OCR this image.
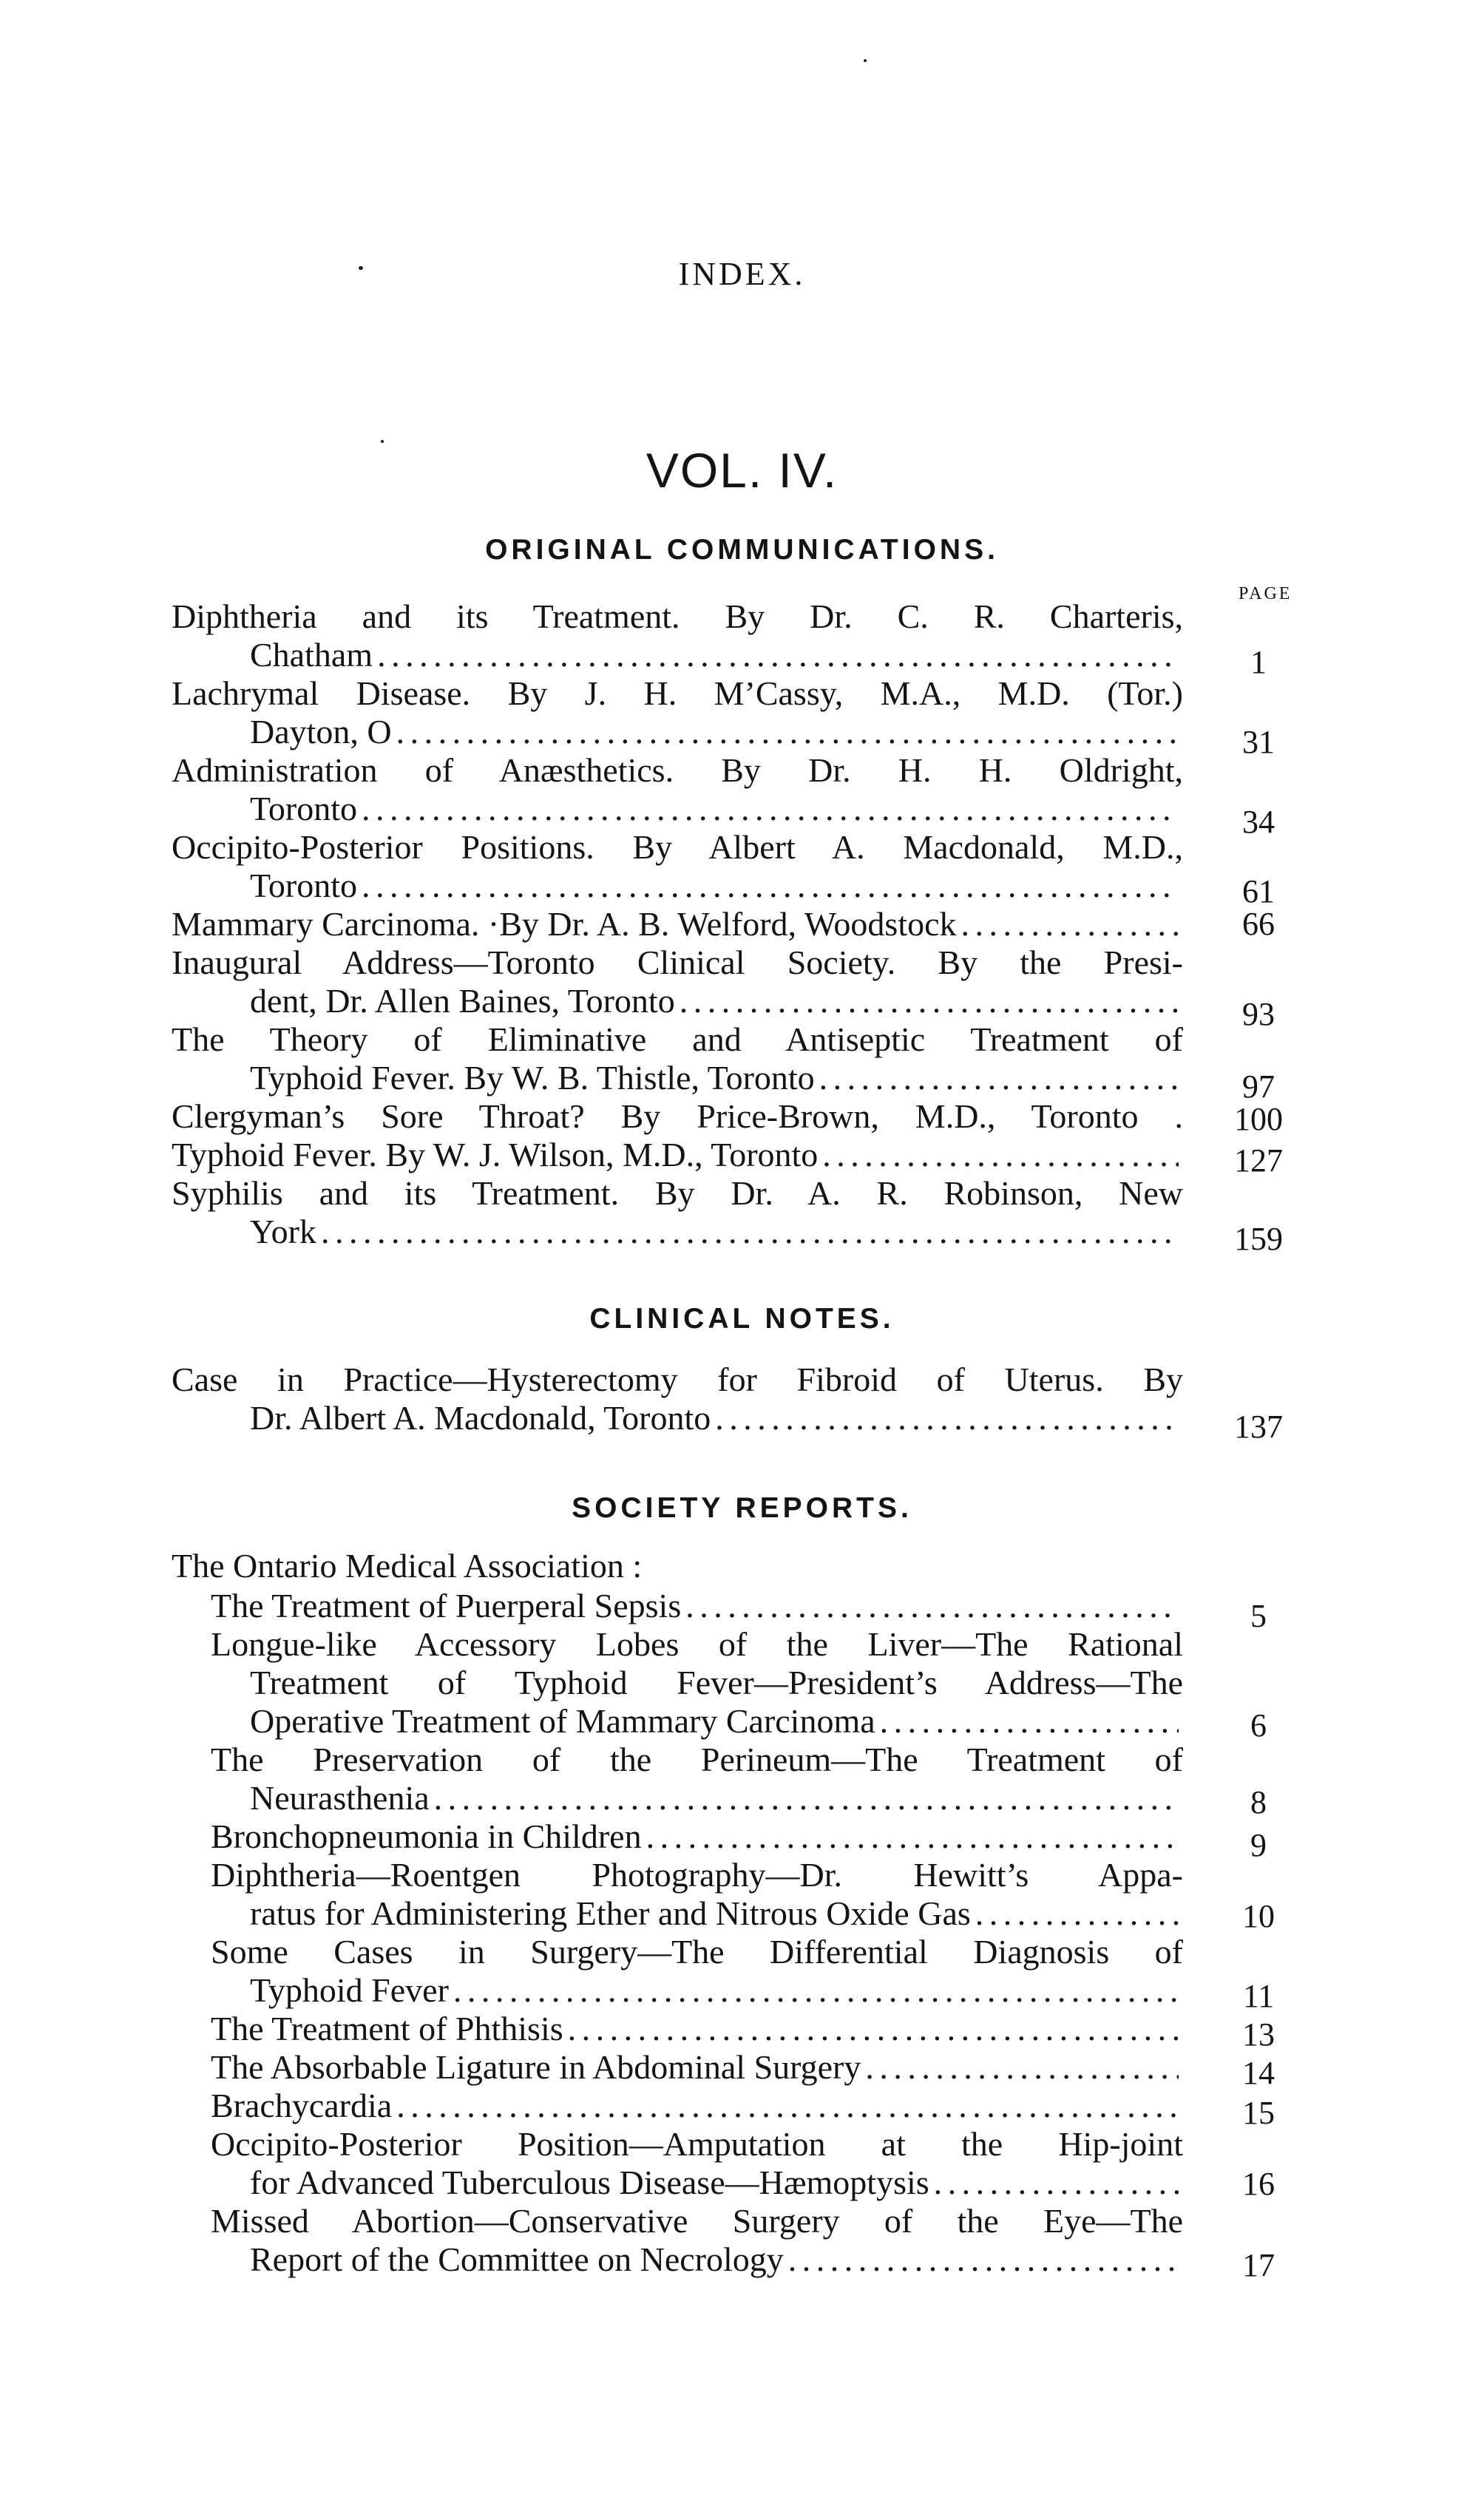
INDEX.
VOL. IV.
ORIGINAL COMMUNICATIONS.
PAGE
Diphtheria and its Treatment. By Dr. C. R. Charteris,
Chatham . . .	1
Lachrymal Disease. By J. H. M’Cassy, M.A., M.D. (Tor.)
Dayton, O . . .	31
Administration of Anæsthetics. By Dr. H. H. Oldright,
Toronto . . .	34
Occipito-Posterior Positions. By Albert A. Macdonald, M.D.,
Toronto . . .	61
Mammary Carcinoma. ·By Dr. A. B. Welford, Woodstock . . .	66
Inaugural Address—Toronto Clinical Society. By the Presi-
dent, Dr. Allen Baines, Toronto . . .	93
The Theory of Eliminative and Antiseptic Treatment of
Typhoid Fever. By W. B. Thistle, Toronto . . .	97
Clergyman’s Sore Throat? By Price-Brown, M.D., Toronto .	100
Typhoid Fever. By W. J. Wilson, M.D., Toronto . . .	127
Syphilis and its Treatment. By Dr. A. R. Robinson, New
York . . .	159
CLINICAL NOTES.
Case in Practice—Hysterectomy for Fibroid of Uterus. By
Dr. Albert A. Macdonald, Toronto . . .	137
SOCIETY REPORTS.
The Ontario Medical Association :
The Treatment of Puerperal Sepsis . . .	5
Longue-like Accessory Lobes of the Liver—The Rational
Treatment of Typhoid Fever—President’s Address—The
Operative Treatment of Mammary Carcinoma . . .	6
The Preservation of the Perineum—The Treatment of
Neurasthenia . . .	8
Bronchopneumonia in Children . . .	9
Diphtheria—Roentgen Photography—Dr. Hewitt’s Appa-
ratus for Administering Ether and Nitrous Oxide Gas . . .	10
Some Cases in Surgery—The Differential Diagnosis of
Typhoid Fever . . .	11
The Treatment of Phthisis . . .	13
The Absorbable Ligature in Abdominal Surgery . . .	14
Brachycardia . . .	15
Occipito-Posterior Position—Amputation at the Hip-joint
for Advanced Tuberculous Disease—Hæmoptysis . . .	16
Missed Abortion—Conservative Surgery of the Eye—The
Report of the Committee on Necrology . . .	17
